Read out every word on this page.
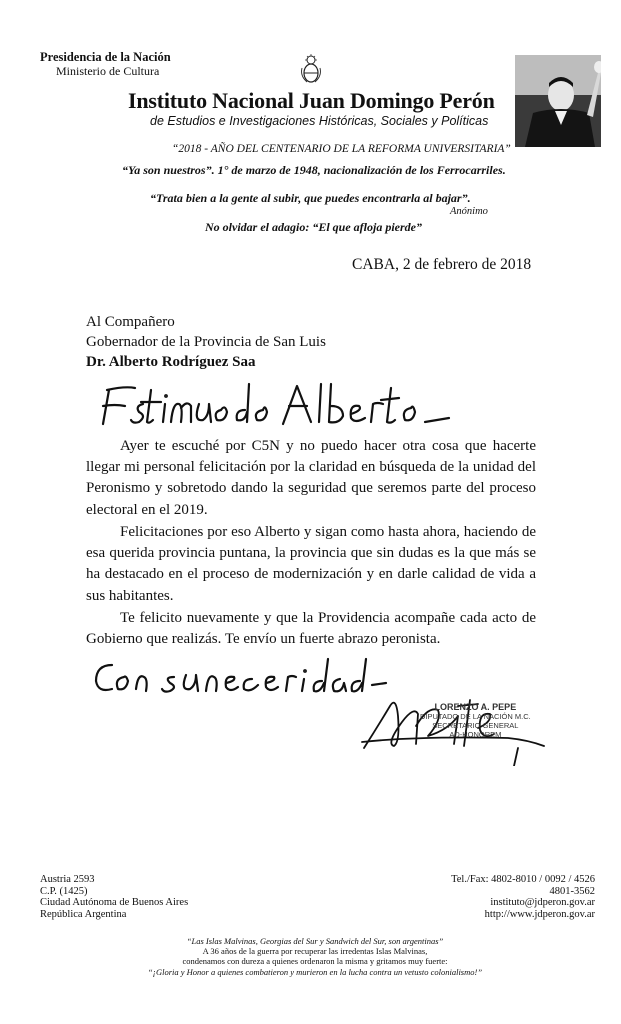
Presidencia de la Nación
Ministerio de Cultura
Instituto Nacional Juan Domingo Perón
de Estudios e Investigaciones Históricas, Sociales y Políticas
“2018 - AÑO DEL CENTENARIO DE LA REFORMA UNIVERSITARIA”
“Ya son nuestros”. 1° de marzo de 1948, nacionalización de los Ferrocarriles.
“Trata bien a la gente al subir, que puedes encontrarla al bajar”.
Anónimo
No olvidar el adagio: “El que afloja pierde”
CABA, 2 de febrero de 2018
Al Compañero
Gobernador de la Provincia de San Luis
Dr. Alberto Rodríguez Saa

Ayer te escuché por C5N y no puedo hacer otra cosa que hacerte llegar mi personal felicitación por la claridad en búsqueda de la unidad del Peronismo y sobretodo dando la seguridad que seremos parte del proceso electoral en el 2019.

Felicitaciones por eso Alberto y sigan como hasta ahora, haciendo de esa querida provincia puntana, la provincia que sin dudas es la que más se ha destacado en el proceso de modernización y en darle calidad de vida a sus habitantes.

Te felicito nuevamente y que la Providencia acompañe cada acto de Gobierno que realizás. Te envío un fuerte abrazo peronista.

LORENZO A. PEPE
DIPUTADO DE LA NACIÓN M.C.
SECRETARIO GENERAL
AD-HONOREM
Austria 2593
C.P. (1425)
Ciudad Autónoma de Buenos Aires
República Argentina
Tel./Fax: 4802-8010 / 0092 / 4526
4801-3562
instituto@jdperon.gov.ar
http://www.jdperon.gov.ar
“Las Islas Malvinas, Georgias del Sur y Sandwich del Sur, son argentinas”
A 36 años de la guerra por recuperar las irredentas Islas Malvinas,
condenamos con dureza a quienes ordenaron la misma y gritamos muy fuerte:
“¡Gloria y Honor a quienes combatieron y murieron en la lucha contra un vetusto colonialismo!”
